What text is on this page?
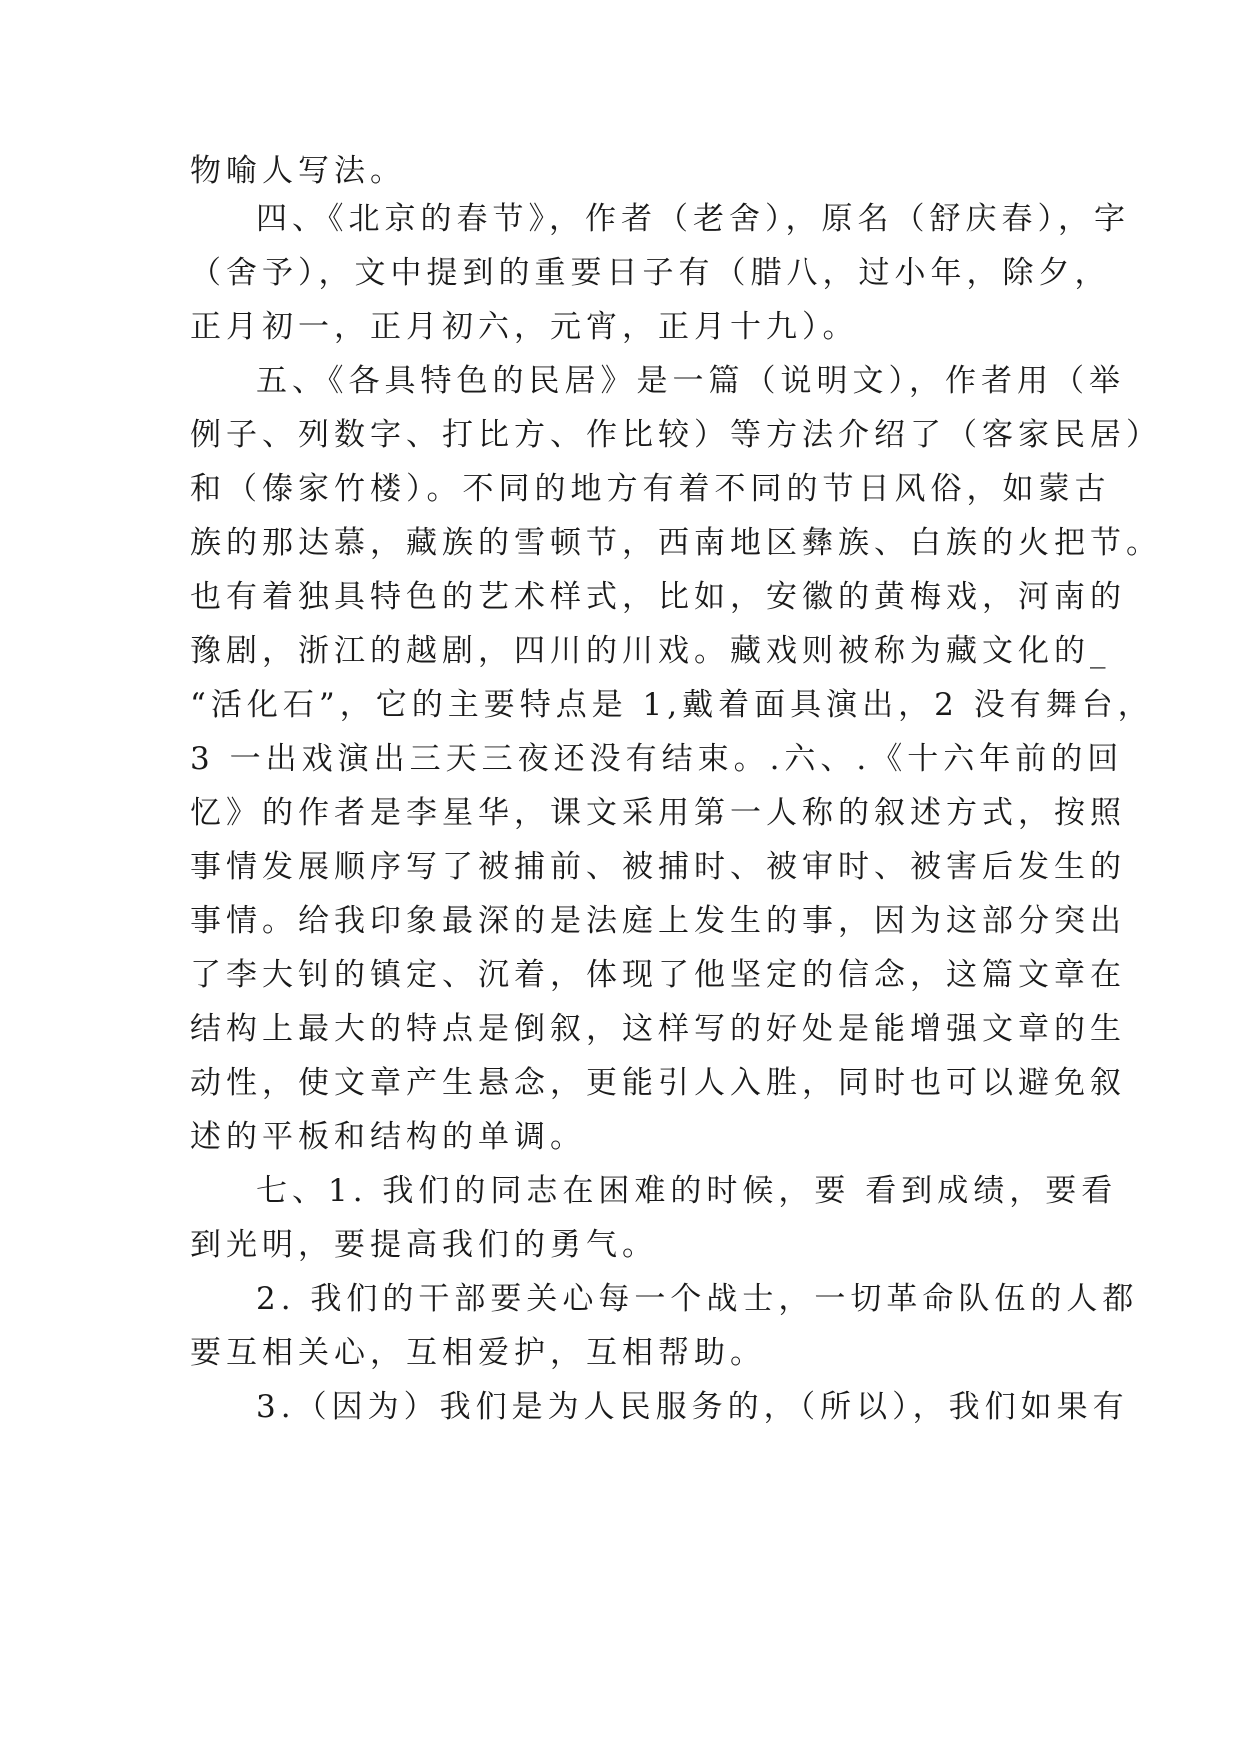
物喻人写法。
四、《北京的春节》，作者（老舍），原名（舒庆春），字
（舍予），文中提到的重要日子有（腊八，过小年，除夕，
正月初一，正月初六，元宵，正月十九）。
五、《各具特色的民居》是一篇（说明文），作者用（举
例子、列数字、打比方、作比较）等方法介绍了（客家民居）
和（傣家竹楼）。不同的地方有着不同的节日风俗，如蒙古
族的那达慕，藏族的雪顿节，西南地区彝族、白族的火把节。
也有着独具特色的艺术样式，比如，安徽的黄梅戏，河南的
豫剧，浙江的越剧，四川的川戏。藏戏则被称为藏文化的_
“活化石”，它的主要特点是 1,戴着面具演出，2 没有舞台，
3 一出戏演出三天三夜还没有结束。.六、.《十六年前的回
忆》的作者是李星华，课文采用第一人称的叙述方式，按照
事情发展顺序写了被捕前、被捕时、被审时、被害后发生的
事情。给我印象最深的是法庭上发生的事，因为这部分突出
了李大钊的镇定、沉着，体现了他坚定的信念，这篇文章在
结构上最大的特点是倒叙，这样写的好处是能增强文章的生
动性，使文章产生悬念，更能引人入胜，同时也可以避免叙
述的平板和结构的单调。
七、1. 我们的同志在困难的时候，要 看到成绩，要看
到光明，要提高我们的勇气。
2. 我们的干部要关心每一个战士，一切革命队伍的人都
要互相关心，互相爱护，互相帮助。
3.（因为）我们是为人民服务的，（所以），我们如果有
